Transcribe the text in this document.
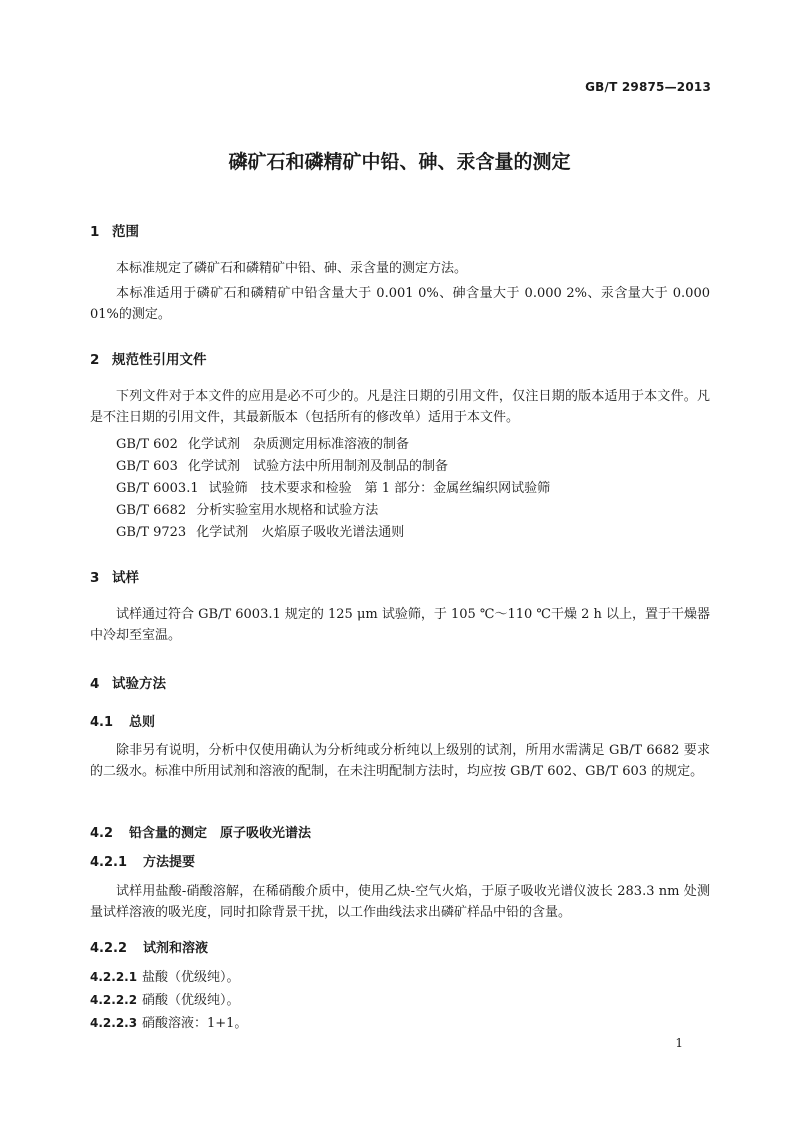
GB/T 29875—2013
磷矿石和磷精矿中铅、砷、汞含量的测定
1 范围

本标准规定了磷矿石和磷精矿中铅、砷、汞含量的测定方法。

本标准适用于磷矿石和磷精矿中铅含量大于 0.001 0%、砷含量大于 0.000 2%、汞含量大于 0.000 01%的测定。

2 规范性引用文件

下列文件对于本文件的应用是必不可少的。凡是注日期的引用文件，仅注日期的版本适用于本文件。凡是不注日期的引用文件，其最新版本（包括所有的修改单）适用于本文件。

GB/T 602 化学试剂　杂质测定用标准溶液的制备
GB/T 603 化学试剂　试验方法中所用制剂及制品的制备
GB/T 6003.1 试验筛　技术要求和检验　第 1 部分：金属丝编织网试验筛
GB/T 6682 分析实验室用水规格和试验方法
GB/T 9723 化学试剂　火焰原子吸收光谱法通则
3 试样

试样通过符合 GB/T 6003.1 规定的 125 μm 试验筛，于 105 ℃～110 ℃干燥 2 h 以上，置于干燥器中冷却至室温。

4 试验方法
4.1 总则

除非另有说明，分析中仅使用确认为分析纯或分析纯以上级别的试剂，所用水需满足 GB/T 6682 要求的二级水。标准中所用试剂和溶液的配制，在未注明配制方法时，均应按 GB/T 602、GB/T 603 的规定。

4.2 铅含量的测定　原子吸收光谱法
4.2.1 方法提要

试样用盐酸-硝酸溶解，在稀硝酸介质中，使用乙炔-空气火焰，于原子吸收光谱仪波长 283.3 nm 处测量试样溶液的吸光度，同时扣除背景干扰，以工作曲线法求出磷矿样品中铅的含量。

4.2.2 试剂和溶液
4.2.2.1 盐酸（优级纯）。
4.2.2.2 硝酸（优级纯）。
4.2.2.3 硝酸溶液：1+1。
1
